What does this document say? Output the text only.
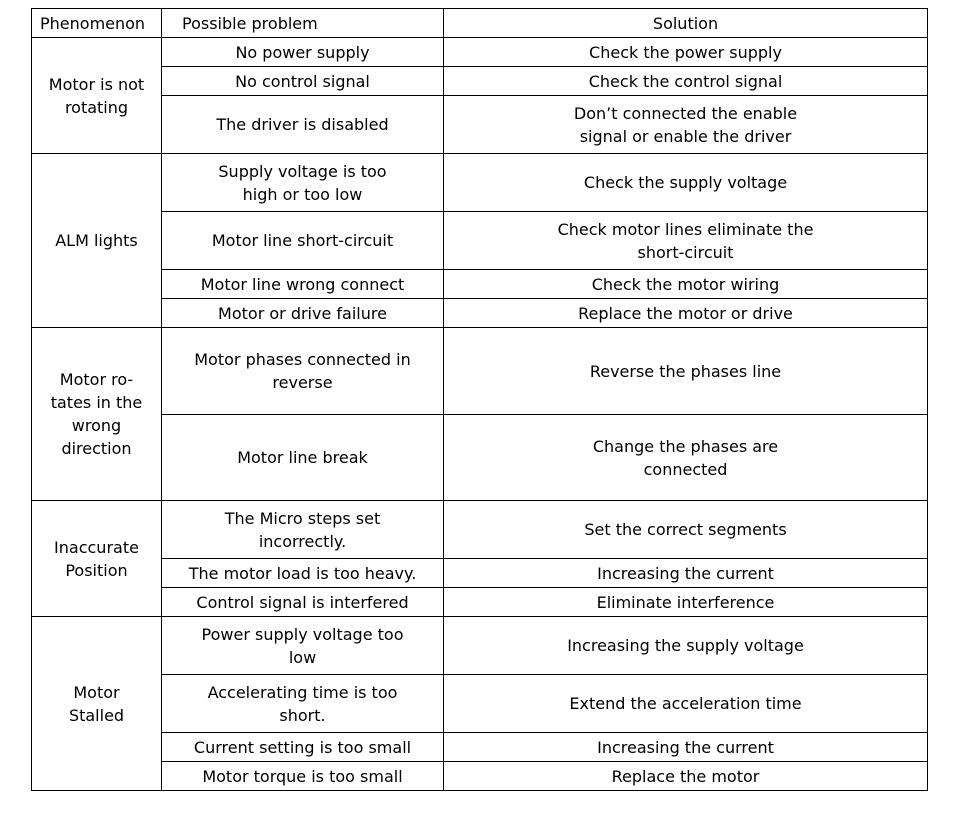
Phenomenon	Possible problem	Solution

Motor is not rotating	No power supply	Check the power supply
	No control signal	Check the control signal
	The driver is disabled	Don’t connected the enable signal or enable the driver

ALM lights	Supply voltage is too high or too low	Check the supply voltage
	Motor line short-circuit	Check motor lines eliminate the short-circuit

	Motor line wrong connect	Check the motor wiring
	Motor or drive failure	Replace the motor or drive

Motor ro-tates in the wrong direction	Motor phases connected in reverse	Reverse the phases line
	Motor line break	Change the phases are connected

Inaccurate Position	The Micro steps set incorrectly.	Set the correct segments
	The motor load is too heavy.	Increasing the current
	Control signal is interfered	Eliminate interference

Motor Stalled	Power supply voltage too low	Increasing the supply voltage

	Accelerating time is too short.	Extend the acceleration time
	Current setting is too small	Increasing the current
	Motor torque is too small	Replace the motor
